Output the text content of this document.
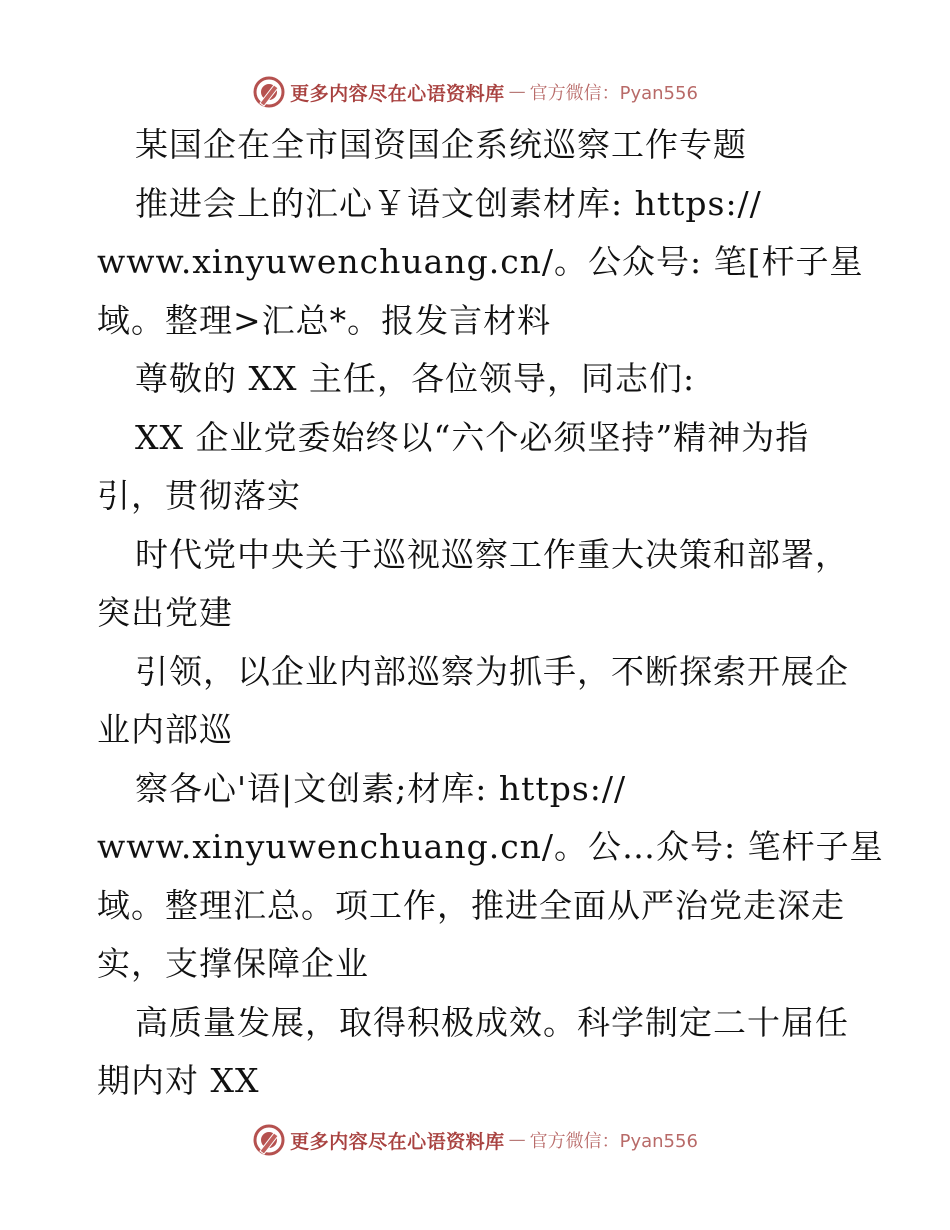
更多内容尽在心语资料库 — 官方微信：Pyan556
某国企在全市国资国企系统巡察工作专题
推进会上的汇心￥语文创素材库: https://
www.xinyuwenchuang.cn/。公众号: 笔[杆子星
域。整理>汇总*。报发言材料
尊敬的 XX 主任，各位领导，同志们:
XX 企业党委始终以“六个必须坚持”精神为指
引，贯彻落实
时代党中央关于巡视巡察工作重大决策和部署，
突出党建
引领，以企业内部巡察为抓手，不断探索开展企
业内部巡
察各心'语|文创素;材库: https://
www.xinyuwenchuang.cn/。公…众号: 笔杆子星
域。整理汇总。项工作，推进全面从严治党走深走
实，支撑保障企业
高质量发展，取得积极成效。科学制定二十届任
期内对 XX
更多内容尽在心语资料库 — 官方微信：Pyan556
